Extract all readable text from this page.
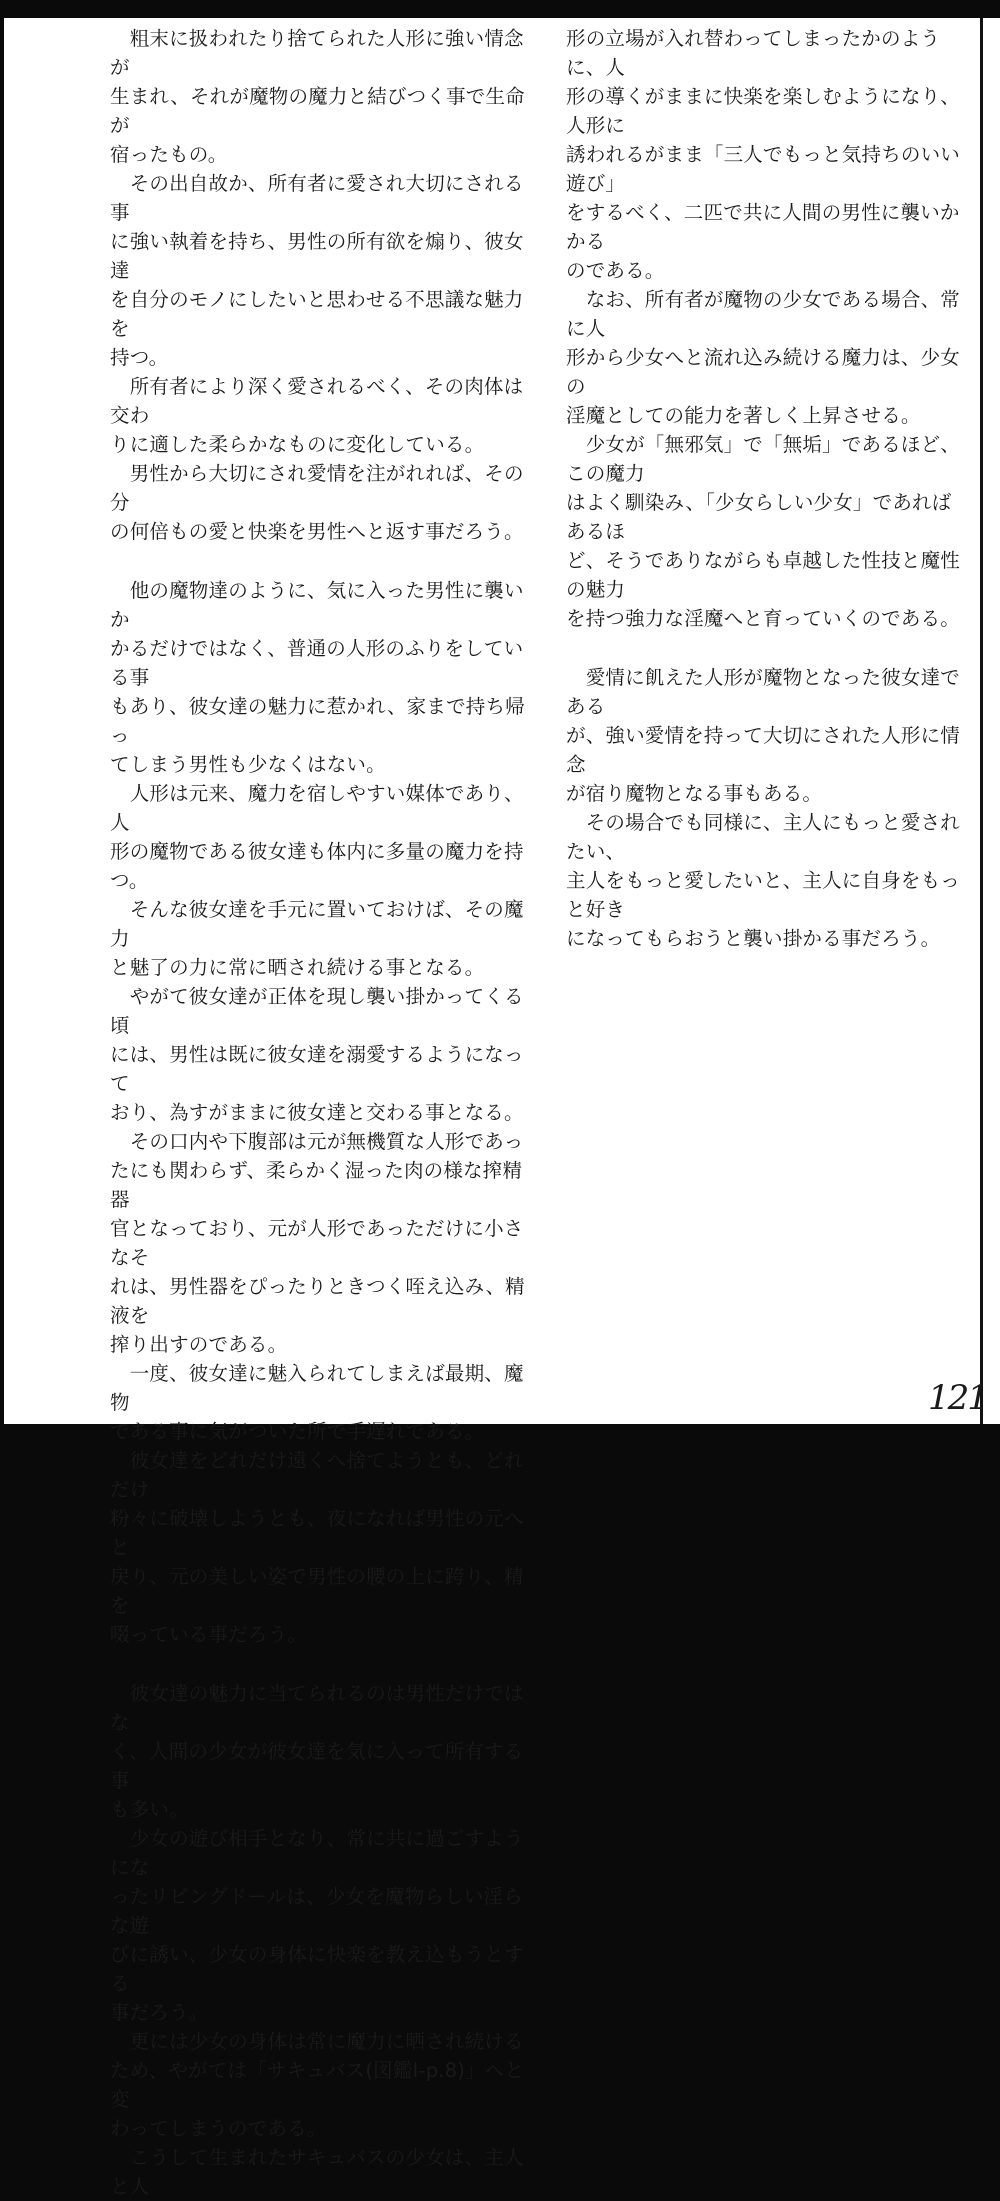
　粗末に扱われたり捨てられた人形に強い情念が
生まれ、それが魔物の魔力と結びつく事で生命が
宿ったもの。

　その出自故か、所有者に愛され大切にされる事
に強い執着を持ち、男性の所有欲を煽り、彼女達
を自分のモノにしたいと思わせる不思議な魅力を
持つ。

　所有者により深く愛されるべく、その肉体は交わ
りに適した柔らかなものに変化している。

　男性から大切にされ愛情を注がれれば、その分
の何倍もの愛と快楽を男性へと返す事だろう。

　他の魔物達のように、気に入った男性に襲いか
かるだけではなく、普通の人形のふりをしている事
もあり、彼女達の魅力に惹かれ、家まで持ち帰っ
てしまう男性も少なくはない。

　人形は元来、魔力を宿しやすい媒体であり、人
形の魔物である彼女達も体内に多量の魔力を持
つ。

　そんな彼女達を手元に置いておけば、その魔力
と魅了の力に常に晒され続ける事となる。

　やがて彼女達が正体を現し襲い掛かってくる頃
には、男性は既に彼女達を溺愛するようになって
おり、為すがままに彼女達と交わる事となる。

　その口内や下腹部は元が無機質な人形であっ
たにも関わらず、柔らかく湿った肉の様な搾精器
官となっており、元が人形であっただけに小さなそ
れは、男性器をぴったりときつく咥え込み、精液を
搾り出すのである。

　一度、彼女達に魅入られてしまえば最期、魔物
である事に気がついた所で手遅れである。

　彼女達をどれだけ遠くへ捨てようとも、どれだけ
粉々に破壊しようとも、夜になれば男性の元へと
戻り、元の美しい姿で男性の腰の上に跨り、精を
啜っている事だろう。

　彼女達の魅力に当てられるのは男性だけではな
く、人間の少女が彼女達を気に入って所有する事
も多い。

　少女の遊び相手となり、常に共に過ごすようにな
ったリビングドールは、少女を魔物らしい淫らな遊
びに誘い、少女の身体に快楽を教え込もうとする
事だろう。

　更には少女の身体は常に魔力に晒され続ける
ため、やがては「サキュバス(図鑑Ⅰ-p.8)」へと変
わってしまうのである。

　こうして生まれたサキュバスの少女は、主人と人

形の立場が入れ替わってしまったかのように、人
形の導くがままに快楽を楽しむようになり、人形に
誘われるがまま「三人でもっと気持ちのいい遊び」
をするべく、二匹で共に人間の男性に襲いかかる
のである。

　なお、所有者が魔物の少女である場合、常に人
形から少女へと流れ込み続ける魔力は、少女の
淫魔としての能力を著しく上昇させる。

　少女が「無邪気」で「無垢」であるほど、この魔力
はよく馴染み、「少女らしい少女」であればあるほ
ど、そうでありながらも卓越した性技と魔性の魅力
を持つ強力な淫魔へと育っていくのである。

　愛情に飢えた人形が魔物となった彼女達である
が、強い愛情を持って大切にされた人形に情念
が宿り魔物となる事もある。

　その場合でも同様に、主人にもっと愛されたい、
主人をもっと愛したいと、主人に自身をもっと好き
になってもらおうと襲い掛かる事だろう。

121
